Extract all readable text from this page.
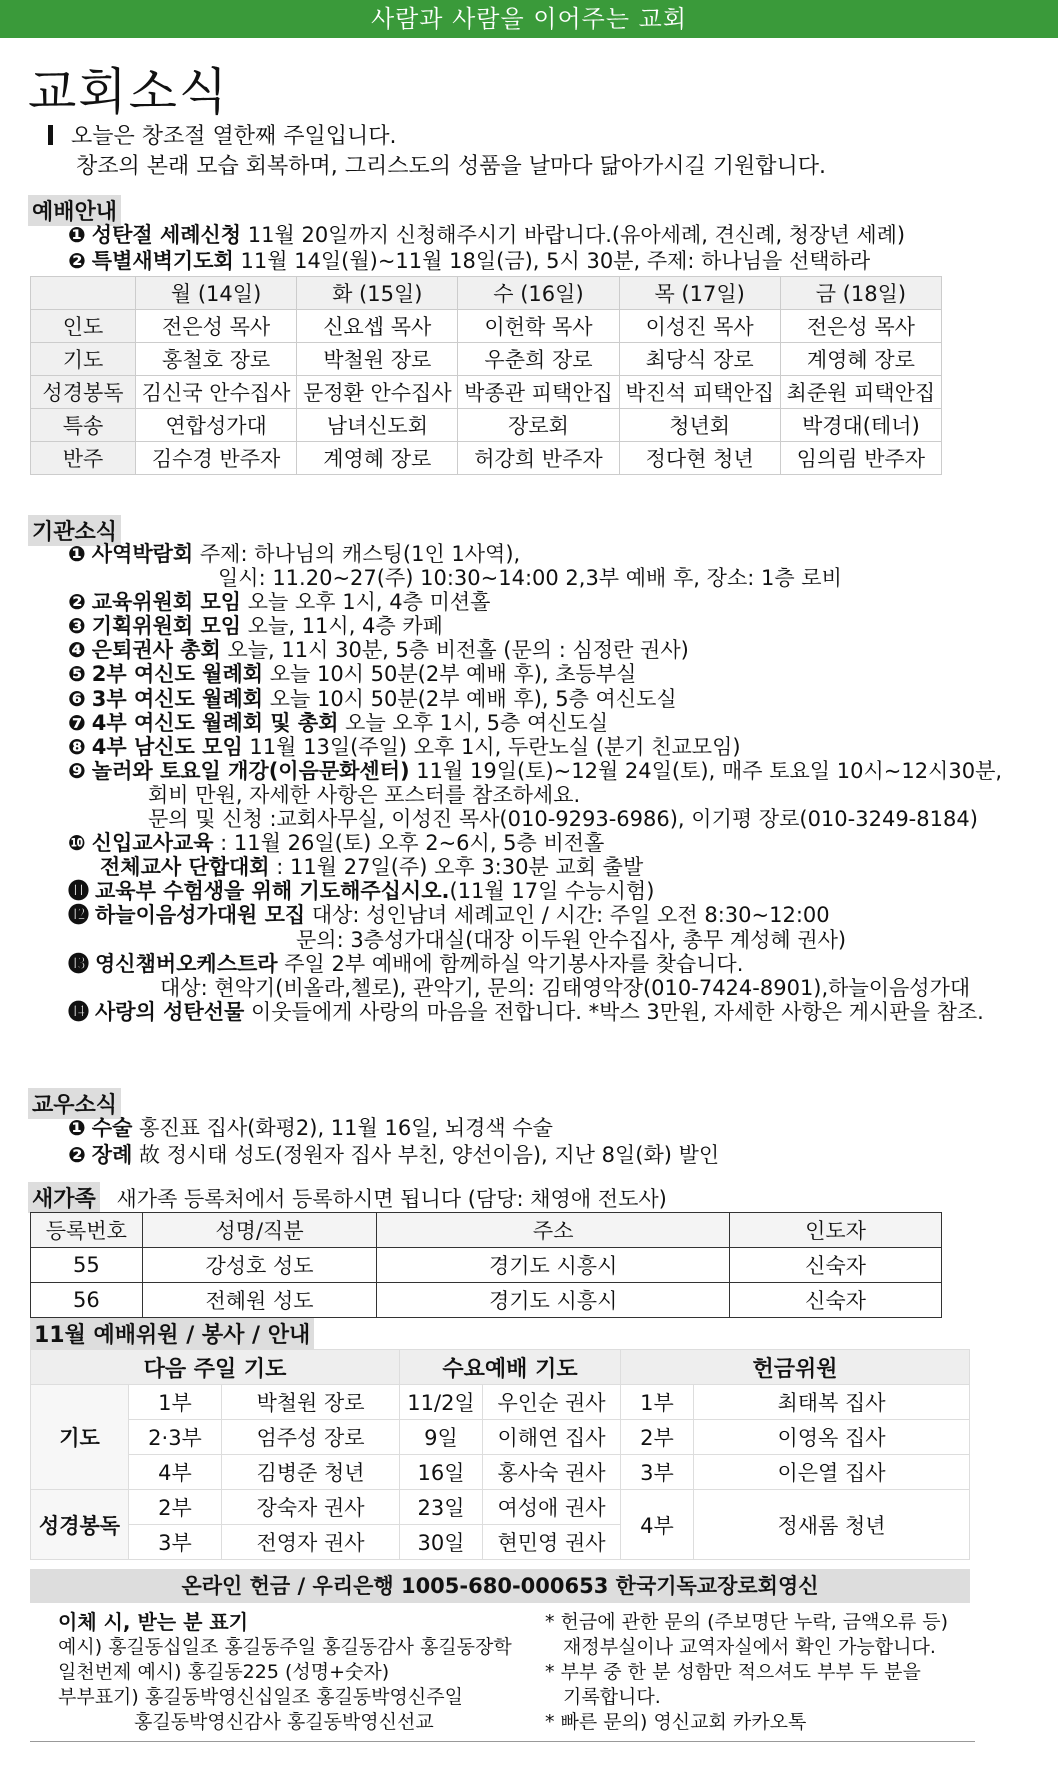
사람과 사람을 이어주는 교회
교회소식
오늘은 창조절 열한째 주일입니다.
창조의 본래 모습 회복하며, 그리스도의 성품을 날마다 닮아가시길 기원합니다.
예배안내
❶ 성탄절 세례신청 11월 20일까지 신청해주시기 바랍니다.(유아세례, 견신례, 청장년 세례)
❷ 특별새벽기도회 11월 14일(월)~11월 18일(금), 5시 30분, 주제: 하나님을 선택하라
	월 (14일)	화 (15일)	수 (16일)	목 (17일)	금 (18일)
인도	전은성 목사	신요셉 목사	이헌학 목사	이성진 목사	전은성 목사
기도	홍철호 장로	박철원 장로	우춘희 장로	최당식 장로	계영혜 장로
성경봉독	김신국 안수집사	문정환 안수집사	박종관 피택안집	박진석 피택안집	최준원 피택안집
특송	연합성가대	남녀신도회	장로회	청년회	박경대(테너)
반주	김수경 반주자	계영혜 장로	허강희 반주자	정다현 청년	임의림 반주자
기관소식
❶ 사역박람회 주제: 하나님의 캐스팅(1인 1사역),
일시: 11.20~27(주) 10:30~14:00 2,3부 예배 후, 장소: 1층 로비
❷ 교육위원회 모임 오늘 오후 1시, 4층 미션홀
❸ 기획위원회 모임 오늘, 11시, 4층 카페
❹ 은퇴권사 총회 오늘, 11시 30분, 5층 비전홀 (문의 : 심정란 권사)
❺ 2부 여신도 월례회 오늘 10시 50분(2부 예배 후), 초등부실
❻ 3부 여신도 월례회 오늘 10시 50분(2부 예배 후), 5층 여신도실
❼ 4부 여신도 월례회 및 총회 오늘 오후 1시, 5층 여신도실
❽ 4부 남신도 모임 11월 13일(주일) 오후 1시, 두란노실 (분기 친교모임)
❾ 놀러와 토요일 개강(이음문화센터) 11월 19일(토)~12월 24일(토), 매주 토요일 10시~12시30분,
회비 만원, 자세한 사항은 포스터를 참조하세요.
문의 및 신청 :교회사무실, 이성진 목사(010-9293-6986), 이기평 장로(010-3249-8184)
❿ 신입교사교육 : 11월 26일(토) 오후 2~6시, 5층 비전홀
전체교사 단합대회 : 11월 27일(주) 오후 3:30분 교회 출발
⓫ 교육부 수험생을 위해 기도해주십시오.(11월 17일 수능시험)
⓬ 하늘이음성가대원 모집 대상: 성인남녀 세례교인 / 시간: 주일 오전 8:30~12:00
문의: 3층성가대실(대장 이두원 안수집사, 총무 계성혜 권사)
⓭ 영신챔버오케스트라 주일 2부 예배에 함께하실 악기봉사자를 찾습니다.
대상: 현악기(비올라,첼로), 관악기, 문의: 김태영악장(010-7424-8901),하늘이음성가대
⓮ 사랑의 성탄선물 이웃들에게 사랑의 마음을 전합니다. *박스 3만원, 자세한 사항은 게시판을 참조.
교우소식
❶ 수술 홍진표 집사(화평2), 11월 16일, 뇌경색 수술
❷ 장례 故 정시태 성도(정원자 집사 부친, 양선이음), 지난 8일(화) 발인
새가족 새가족 등록처에서 등록하시면 됩니다 (담당: 채영애 전도사)
등록번호	성명/직분	주소	인도자
55	강성호 성도	경기도 시흥시	신숙자
56	전혜원 성도	경기도 시흥시	신숙자
11월 예배위원 / 봉사 / 안내
다음 주일 기도			수요예배 기도		헌금위원	
기도	1부	박철원 장로	11/2일	우인순 권사	1부	최태복 집사
	2·3부	엄주성 장로	9일	이해연 집사	2부	이영옥 집사
	4부	김병준 청년	16일	홍사숙 권사	3부	이은열 집사
성경봉독	2부	장숙자 권사	23일	여성애 권사	4부	정새롬 청년
	3부	전영자 권사	30일	현민영 권사		
온라인 헌금 / 우리은행 1005-680-000653 한국기독교장로회영신
이체 시, 받는 분 표기
예시) 홍길동십일조 홍길동주일 홍길동감사 홍길동장학
일천번제 예시) 홍길동225 (성명+숫자)
부부표기) 홍길동박영신십일조 홍길동박영신주일
홍길동박영신감사 홍길동박영신선교
* 헌금에 관한 문의 (주보명단 누락, 금액오류 등)
재정부실이나 교역자실에서 확인 가능합니다.
* 부부 중 한 분 성함만 적으셔도 부부 두 분을
기록합니다.
* 빠른 문의) 영신교회 카카오톡
